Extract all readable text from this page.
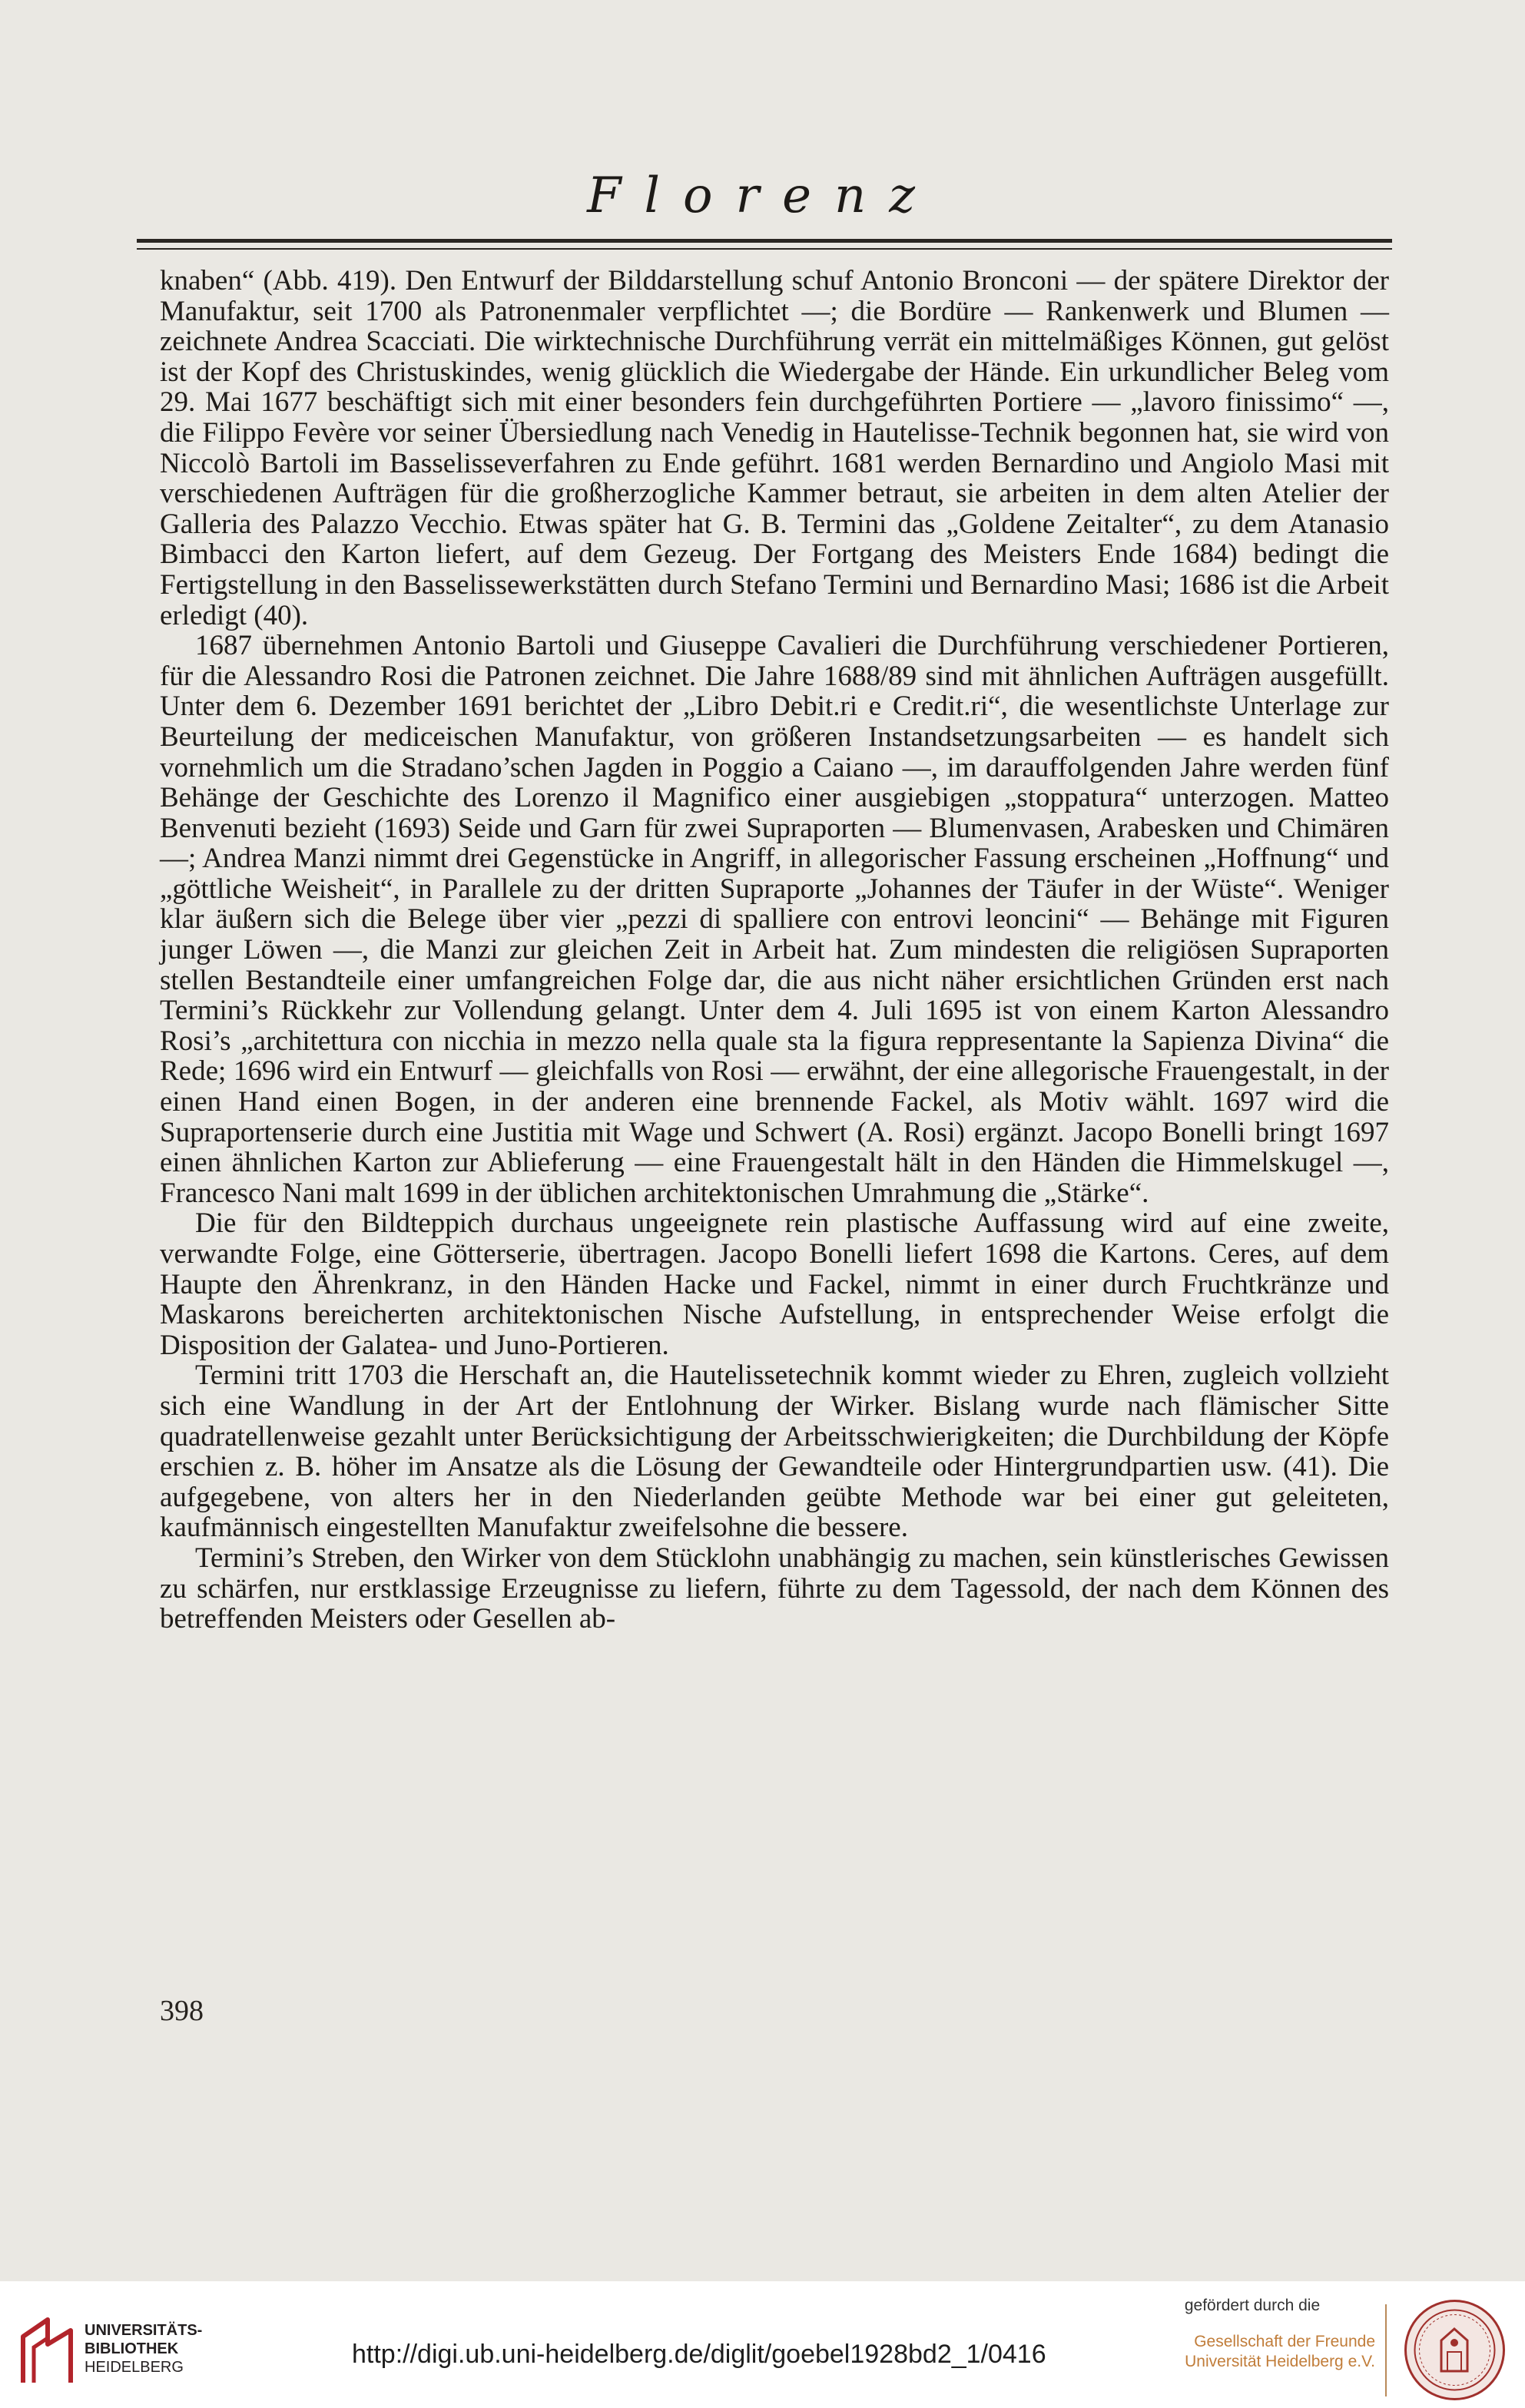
Florenz

knaben“ (Abb. 419). Den Entwurf der Bilddarstellung schuf Antonio Bronconi — der spätere Direktor der Manufaktur, seit 1700 als Patronenmaler verpflichtet —; die Bordüre — Rankenwerk und Blumen — zeichnete Andrea Scacciati. Die wirktechnische Durchführung verrät ein mittelmäßiges Können, gut gelöst ist der Kopf des Christuskindes, wenig glücklich die Wiedergabe der Hände. Ein urkundlicher Beleg vom 29. Mai 1677 beschäftigt sich mit einer besonders fein durchgeführten Portiere — „lavoro finissimo“ —, die Filippo Fevère vor seiner Übersiedlung nach Venedig in Hautelisse-Technik begonnen hat, sie wird von Niccolò Bartoli im Basselisseverfahren zu Ende geführt. 1681 werden Bernardino und Angiolo Masi mit verschiedenen Aufträgen für die großherzogliche Kammer betraut, sie arbeiten in dem alten Atelier der Galleria des Palazzo Vecchio. Etwas später hat G. B. Termini das „Goldene Zeitalter“, zu dem Atanasio Bimbacci den Karton liefert, auf dem Gezeug. Der Fortgang des Meisters Ende 1684) bedingt die Fertigstellung in den Basselissewerkstätten durch Stefano Termini und Bernardino Masi; 1686 ist die Arbeit erledigt (40).

1687 übernehmen Antonio Bartoli und Giuseppe Cavalieri die Durchführung verschiedener Portieren, für die Alessandro Rosi die Patronen zeichnet. Die Jahre 1688/89 sind mit ähnlichen Aufträgen ausgefüllt. Unter dem 6. Dezember 1691 berichtet der „Libro Debit.ri e Credit.ri“, die wesentlichste Unterlage zur Beurteilung der mediceischen Manufaktur, von größeren Instandsetzungsarbeiten — es handelt sich vornehmlich um die Stradano’schen Jagden in Poggio a Caiano —, im darauffolgenden Jahre werden fünf Behänge der Geschichte des Lorenzo il Magnifico einer ausgiebigen „stoppatura“ unterzogen. Matteo Benvenuti bezieht (1693) Seide und Garn für zwei Supraporten — Blumenvasen, Arabesken und Chimären —; Andrea Manzi nimmt drei Gegenstücke in Angriff, in allegorischer Fassung erscheinen „Hoffnung“ und „göttliche Weisheit“, in Parallele zu der dritten Supraporte „Johannes der Täufer in der Wüste“. Weniger klar äußern sich die Belege über vier „pezzi di spalliere con entrovi leoncini“ — Behänge mit Figuren junger Löwen —, die Manzi zur gleichen Zeit in Arbeit hat. Zum mindesten die religiösen Supraporten stellen Bestandteile einer umfangreichen Folge dar, die aus nicht näher ersichtlichen Gründen erst nach Termini’s Rückkehr zur Vollendung gelangt. Unter dem 4. Juli 1695 ist von einem Karton Alessandro Rosi’s „architettura con nicchia in mezzo nella quale sta la figura reppresentante la Sapienza Divina“ die Rede; 1696 wird ein Entwurf — gleichfalls von Rosi — erwähnt, der eine allegorische Frauengestalt, in der einen Hand einen Bogen, in der anderen eine brennende Fackel, als Motiv wählt. 1697 wird die Supraportenserie durch eine Justitia mit Wage und Schwert (A. Rosi) ergänzt. Jacopo Bonelli bringt 1697 einen ähnlichen Karton zur Ablieferung — eine Frauengestalt hält in den Händen die Himmelskugel —, Francesco Nani malt 1699 in der üblichen architektonischen Umrahmung die „Stärke“.

Die für den Bildteppich durchaus ungeeignete rein plastische Auffassung wird auf eine zweite, verwandte Folge, eine Götterserie, übertragen. Jacopo Bonelli liefert 1698 die Kartons. Ceres, auf dem Haupte den Ährenkranz, in den Händen Hacke und Fackel, nimmt in einer durch Fruchtkränze und Maskarons bereicherten architektonischen Nische Aufstellung, in entsprechender Weise erfolgt die Disposition der Galatea- und Juno-Portieren.

Termini tritt 1703 die Herschaft an, die Hautelissetechnik kommt wieder zu Ehren, zugleich vollzieht sich eine Wandlung in der Art der Entlohnung der Wirker. Bislang wurde nach flämischer Sitte quadratellenweise gezahlt unter Berücksichtigung der Arbeitsschwierigkeiten; die Durchbildung der Köpfe erschien z. B. höher im Ansatze als die Lösung der Gewandteile oder Hintergrundpartien usw. (41). Die aufgegebene, von alters her in den Niederlanden geübte Methode war bei einer gut geleiteten, kaufmännisch eingestellten Manufaktur zweifelsohne die bessere.

Termini’s Streben, den Wirker von dem Stücklohn unabhängig zu machen, sein künstlerisches Gewissen zu schärfen, nur erstklassige Erzeugnisse zu liefern, führte zu dem Tagessold, der nach dem Können des betreffenden Meisters oder Gesellen ab-

398
UNIVERSITÄTS-
BIBLIOTHEK
HEIDELBERG	http://digi.ub.uni-heidelberg.de/diglit/goebel1928bd2_1/0416
gefördert durch die
Gesellschaft der Freunde
Universität Heidelberg e.V.
